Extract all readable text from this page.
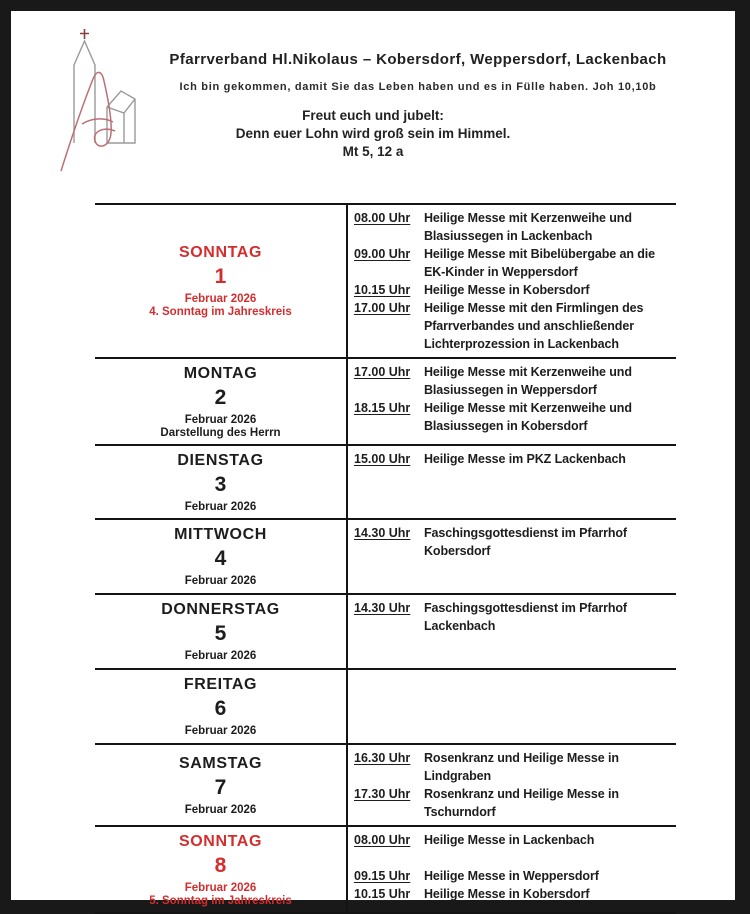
Pfarrverband Hl.Nikolaus – Kobersdorf, Weppersdorf, Lackenbach
Ich bin gekommen, damit Sie das Leben haben und es in Fülle haben. Joh 10,10b
Freut euch und jubelt:
Denn euer Lohn wird groß sein im Himmel.
Mt 5, 12 a
SONNTAG
1
Februar 2026
4. Sonntag im Jahreskreis
08.00 Uhr	Heilige Messe mit Kerzenweihe und Blasiussegen in Lackenbach
09.00 Uhr	Heilige Messe mit Bibelübergabe an die EK-Kinder in Weppersdorf
10.15 Uhr	Heilige Messe in Kobersdorf
17.00 Uhr	Heilige Messe mit den Firmlingen des Pfarrverbandes und anschließender Lichterprozession in Lackenbach
MONTAG
2
Februar 2026
Darstellung des Herrn
17.00 Uhr	Heilige Messe mit Kerzenweihe und Blasiussegen in Weppersdorf
18.15 Uhr	Heilige Messe mit Kerzenweihe und Blasiussegen in Kobersdorf
DIENSTAG
3
Februar 2026
15.00 Uhr	Heilige Messe im PKZ Lackenbach
MITTWOCH
4
Februar 2026
14.30 Uhr	Faschingsgottesdienst im Pfarrhof Kobersdorf
DONNERSTAG
5
Februar 2026
14.30 Uhr	Faschingsgottesdienst im Pfarrhof Lackenbach
FREITAG
6
Februar 2026
SAMSTAG
7
Februar 2026
16.30 Uhr	Rosenkranz und Heilige Messe in Lindgraben
17.30 Uhr	Rosenkranz und Heilige Messe in Tschurndorf
SONNTAG
8
Februar 2026
5. Sonntag im Jahreskreis
08.00 Uhr	Heilige Messe in Lackenbach
09.15 Uhr	Heilige Messe in Weppersdorf
10.15 Uhr	Heilige Messe in Kobersdorf
